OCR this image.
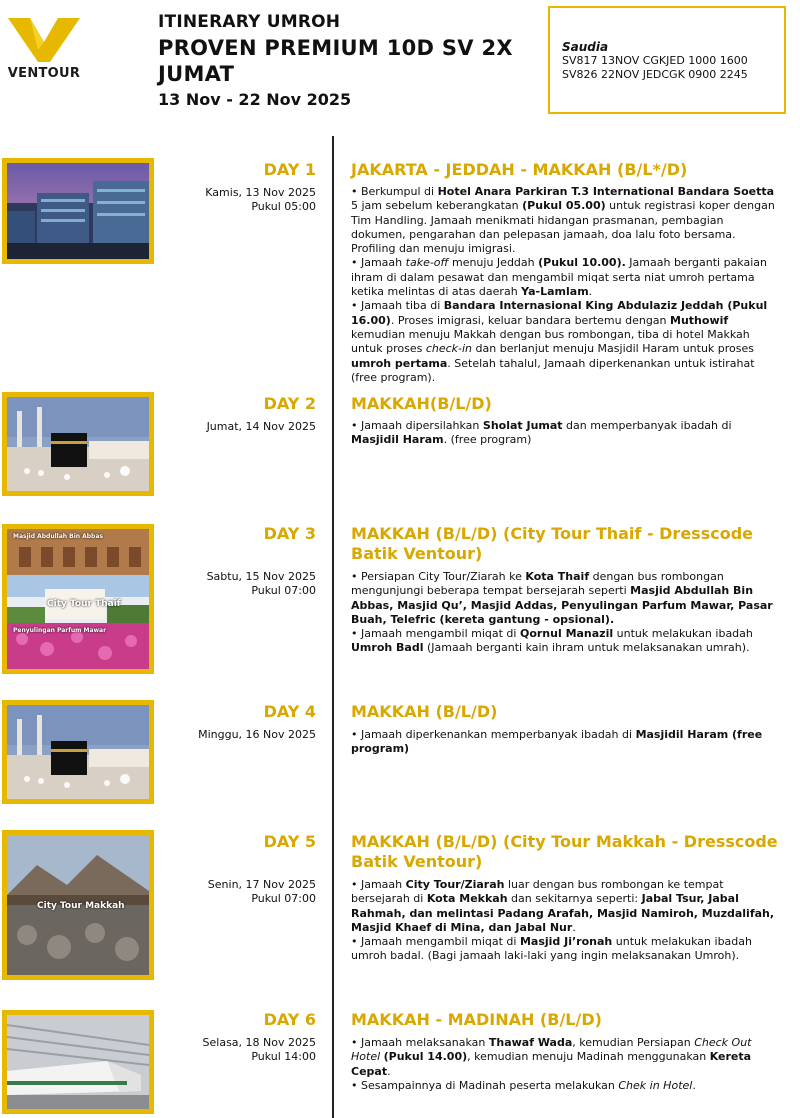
VENTOUR
ITINERARY UMROH
PROVEN PREMIUM 10D SV 2X
JUMAT
13 Nov - 22 Nov 2025
Saudia
SV817 13NOV CGKJED 1000 1600
SV826 22NOV JEDCGK 0900 2245
DAY 1
Kamis, 13 Nov 2025
Pukul 05:00
JAKARTA - JEDDAH - MAKKAH (B/L*/D)

• Berkumpul di Hotel Anara Parkiran T.3 International Bandara Soetta 5 jam sebelum keberangkatan (Pukul 05.00) untuk registrasi koper dengan Tim Handling. Jamaah menikmati hidangan prasmanan, pembagian dokumen, pengarahan dan pelepasan jamaah, doa lalu foto bersama. Profiling dan menuju imigrasi.

• Jamaah take-off menuju Jeddah (Pukul 10.00). Jamaah berganti pakaian ihram di dalam pesawat dan mengambil miqat serta niat umroh pertama ketika melintas di atas daerah Ya-Lamlam.

• Jamaah tiba di Bandara Internasional King Abdulaziz Jeddah (Pukul 16.00). Proses imigrasi, keluar bandara bertemu dengan Muthowif kemudian menuju Makkah dengan bus rombongan, tiba di hotel Makkah untuk proses check-in dan berlanjut menuju Masjidil Haram untuk proses umroh pertama. Setelah tahalul, Jamaah diperkenankan untuk istirahat (free program).

DAY 2
Jumat, 14 Nov 2025
MAKKAH(B/L/D)

• Jamaah dipersilahkan Sholat Jumat dan memperbanyak ibadah di Masjidil Haram. (free program)

City Tour Thaif
Penyulingan Parfum Mawar
Masjid Abdullah Bin Abbas	DAY 3
Sabtu, 15 Nov 2025
Pukul 07:00
MAKKAH (B/L/D) (City Tour Thaif - Dresscode Batik Ventour)

• Persiapan City Tour/Ziarah ke Kota Thaif dengan bus rombongan mengunjungi beberapa tempat bersejarah seperti Masjid Abdullah Bin Abbas, Masjid Qu’, Masjid Addas, Penyulingan Parfum Mawar, Pasar Buah, Telefric (kereta gantung - opsional).

• Jamaah mengambil miqat di Qornul Manazil untuk melakukan ibadah Umroh Badl (Jamaah berganti kain ihram untuk melaksanakan umrah).

DAY 4
Minggu, 16 Nov 2025
MAKKAH (B/L/D)

• Jamaah diperkenankan memperbanyak ibadah di Masjidil Haram (free program)

City Tour Makkah
DAY 5
Senin, 17 Nov 2025
Pukul 07:00
MAKKAH (B/L/D) (City Tour Makkah - Dresscode Batik Ventour)

• Jamaah City Tour/Ziarah luar dengan bus rombongan ke tempat bersejarah di Kota Mekkah dan sekitarnya seperti: Jabal Tsur, Jabal Rahmah, dan melintasi Padang Arafah, Masjid Namiroh, Muzdalifah, Masjid Khaef di Mina, dan Jabal Nur.

• Jamaah mengambil miqat di Masjid Ji’ronah untuk melakukan ibadah umroh badal. (Bagi jamaah laki-laki yang ingin melaksanakan Umroh).

DAY 6
Selasa, 18 Nov 2025
Pukul 14:00
MAKKAH - MADINAH (B/L/D)

• Jamaah melaksanakan Thawaf Wada, kemudian Persiapan Check Out Hotel (Pukul 14.00), kemudian menuju Madinah menggunakan Kereta Cepat.

• Sesampainnya di Madinah peserta melakukan Chek in Hotel.
